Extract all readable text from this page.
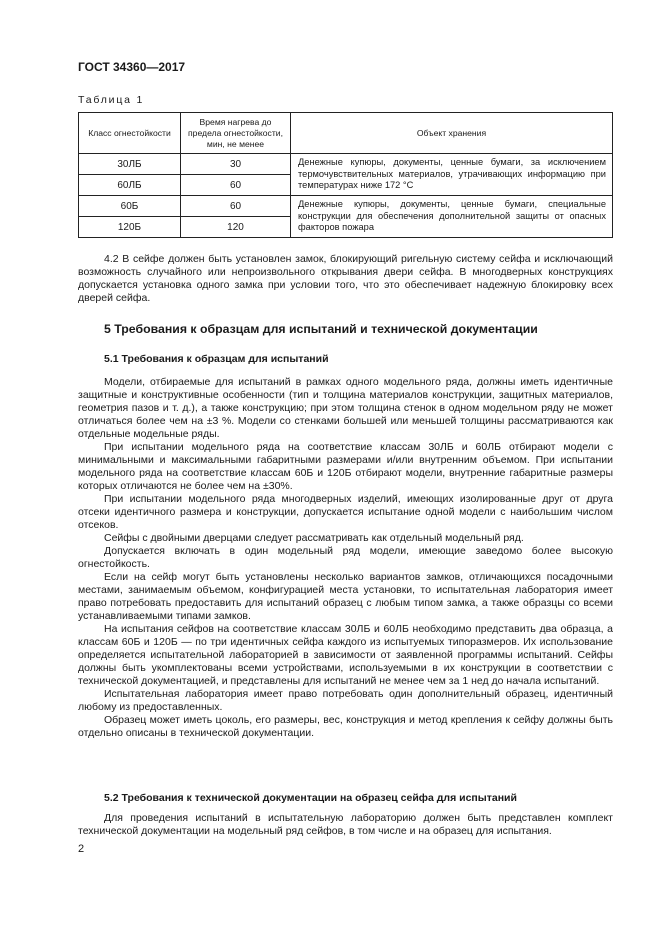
ГОСТ 34360—2017
Таблица 1
Класс огнестойкости	Время нагрева до предела огнестойкости, мин, не менее	Объект хранения
30ЛБ	30	Денежные купюры, документы, ценные бумаги, за исключением термочувствительных материалов, утрачивающих информацию при температурах ниже 172 °С
60ЛБ	60	
60Б	60	Денежные купюры, документы, ценные бумаги, специальные конструкции для обеспечения дополнительной защиты от опасных факторов пожара
120Б	120	

4.2 В сейфе должен быть установлен замок, блокирующий ригельную систему сейфа и исключающий возможность случайного или непроизвольного открывания двери сейфа. В многодверных конструкциях допускается установка одного замка при условии того, что это обеспечивает надежную блокировку всех дверей сейфа.

5 Требования к образцам для испытаний и технической документации
5.1 Требования к образцам для испытаний

Модели, отбираемые для испытаний в рамках одного модельного ряда, должны иметь идентичные защитные и конструктивные особенности (тип и толщина материалов конструкции, защитных материалов, геометрия пазов и т. д.), а также конструкцию; при этом толщина стенок в одном модельном ряду не может отличаться более чем на ±3 %. Модели со стенками большей или меньшей толщины рассматриваются как отдельные модельные ряды.

При испытании модельного ряда на соответствие классам 30ЛБ и 60ЛБ отбирают модели с минимальными и максимальными габаритными размерами и/или внутренним объемом. При испытании модельного ряда на соответствие классам 60Б и 120Б отбирают модели, внутренние габаритные размеры которых отличаются не более чем на ±30%.

При испытании модельного ряда многодверных изделий, имеющих изолированные друг от друга отсеки идентичного размера и конструкции, допускается испытание одной модели с наибольшим числом отсеков.

Сейфы с двойными дверцами следует рассматривать как отдельный модельный ряд.

Допускается включать в один модельный ряд модели, имеющие заведомо более высокую огнестойкость.

Если на сейф могут быть установлены несколько вариантов замков, отличающихся посадочными местами, занимаемым объемом, конфигурацией места установки, то испытательная лаборатория имеет право потребовать предоставить для испытаний образец с любым типом замка, а также образцы со всеми устанавливаемыми типами замков.

На испытания сейфов на соответствие классам 30ЛБ и 60ЛБ необходимо представить два образца, а классам 60Б и 120Б — по три идентичных сейфа каждого из испытуемых типоразмеров. Их использование определяется испытательной лабораторией в зависимости от заявленной программы испытаний. Сейфы должны быть укомплектованы всеми устройствами, используемыми в их конструкции в соответствии с технической документацией, и представлены для испытаний не менее чем за 1 нед до начала испытаний.

Испытательная лаборатория имеет право потребовать один дополнительный образец, идентичный любому из предоставленных.

Образец может иметь цоколь, его размеры, вес, конструкция и метод крепления к сейфу должны быть отдельно описаны в технической документации.

5.2 Требования к технической документации на образец сейфа для испытаний

Для проведения испытаний в испытательную лабораторию должен быть представлен комплект технической документации на модельный ряд сейфов, в том числе и на образец для испытания.

2
